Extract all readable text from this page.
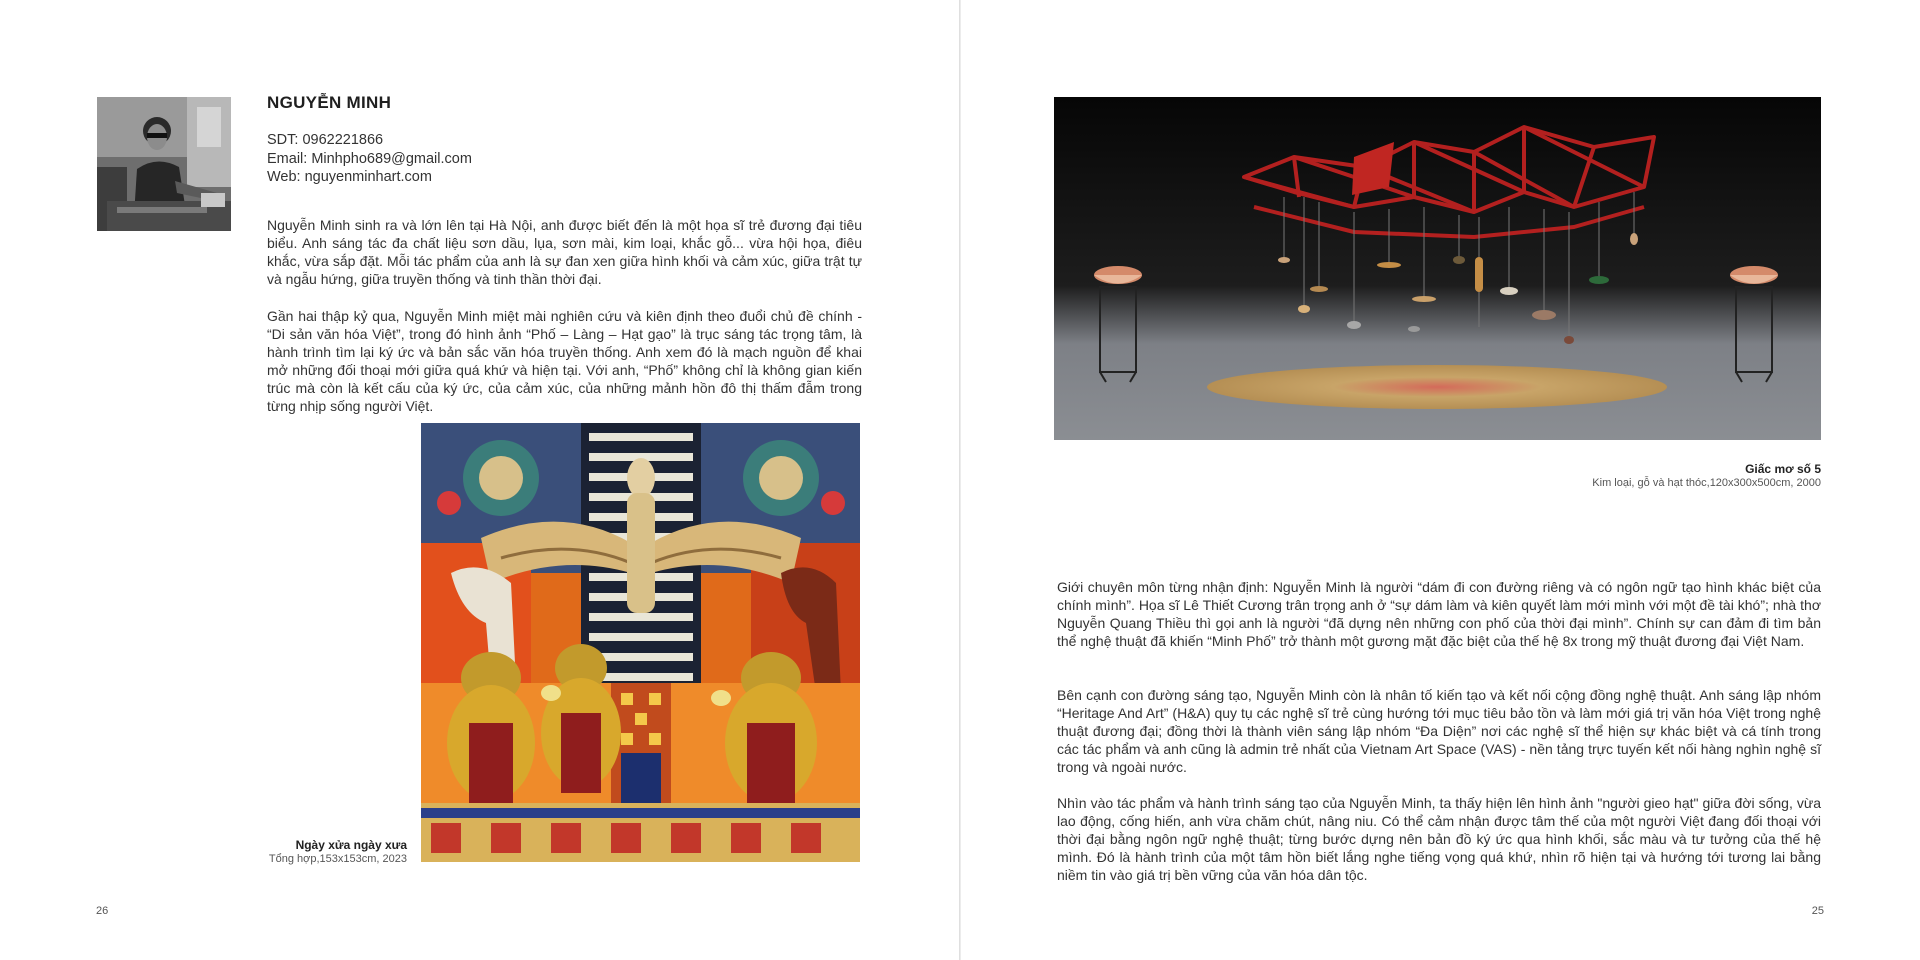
NGUYỄN MINH
SDT: 0962221866
Email: Minhpho689@gmail.com
Web: nguyenminhart.com

Nguyễn Minh sinh ra và lớn lên tại Hà Nội, anh được biết đến là một họa sĩ trẻ đương đại tiêu biểu. Anh sáng tác đa chất liệu sơn dầu, lụa, sơn mài, kim loại, khắc gỗ... vừa hội họa, điêu khắc, vừa sắp đặt. Mỗi tác phẩm của anh là sự đan xen giữa hình khối và cảm xúc, giữa trật tự và ngẫu hứng, giữa truyền thống và tinh thần thời đại.

Gần hai thập kỷ qua, Nguyễn Minh miệt mài nghiên cứu và kiên định theo đuổi chủ đề chính - “Di sản văn hóa Việt”, trong đó hình ảnh “Phố – Làng – Hạt gạo” là trục sáng tác trọng tâm, là hành trình tìm lại ký ức và bản sắc văn hóa truyền thống. Anh xem đó là mạch nguồn để khai mở những đối thoại mới giữa quá khứ và hiện tại. Với anh, “Phố” không chỉ là không gian kiến trúc mà còn là kết cấu của ký ức, của cảm xúc, của những mảnh hồn đô thị thấm đẫm trong từng nhịp sống người Việt.

Ngày xửa ngày xưa
Tổng hợp,153x153cm, 2023
26
Giấc mơ số 5
Kim loại, gỗ và hạt thóc,120x300x500cm, 2000

Giới chuyên môn từng nhận định: Nguyễn Minh là người “dám đi con đường riêng và có ngôn ngữ tạo hình khác biệt của chính mình”. Họa sĩ Lê Thiết Cương trân trọng anh ở “sự dám làm và kiên quyết làm mới mình với một đề tài khó”; nhà thơ Nguyễn Quang Thiều thì gọi anh là người “đã dựng nên những con phố của thời đại mình”. Chính sự can đảm đi tìm bản thể nghệ thuật đã khiến “Minh Phố” trở thành một gương mặt đặc biệt của thế hệ 8x trong mỹ thuật đương đại Việt Nam.

Bên cạnh con đường sáng tạo, Nguyễn Minh còn là nhân tố kiến tạo và kết nối cộng đồng nghệ thuật. Anh sáng lập nhóm “Heritage And Art” (H&A) quy tụ các nghệ sĩ trẻ cùng hướng tới mục tiêu bảo tồn và làm mới giá trị văn hóa Việt trong nghệ thuật đương đại; đồng thời là thành viên sáng lập nhóm “Đa Diện” nơi các nghệ sĩ thể hiện sự khác biệt và cá tính trong các tác phẩm và anh cũng là admin trẻ nhất của Vietnam Art Space (VAS) - nền tảng trực tuyến kết nối hàng nghìn nghệ sĩ trong và ngoài nước.

Nhìn vào tác phẩm và hành trình sáng tạo của Nguyễn Minh, ta thấy hiện lên hình ảnh "người gieo hạt" giữa đời sống, vừa lao động, cống hiến, anh vừa chăm chút, nâng niu. Có thể cảm nhận được tâm thế của một người Việt đang đối thoại với thời đại bằng ngôn ngữ nghệ thuật; từng bước dựng nên bản đồ ký ức qua hình khối, sắc màu và tư tưởng của thế hệ mình. Đó là hành trình của một tâm hồn biết lắng nghe tiếng vọng quá khứ, nhìn rõ hiện tại và hướng tới tương lai bằng niềm tin vào giá trị bền vững của văn hóa dân tộc.

25
